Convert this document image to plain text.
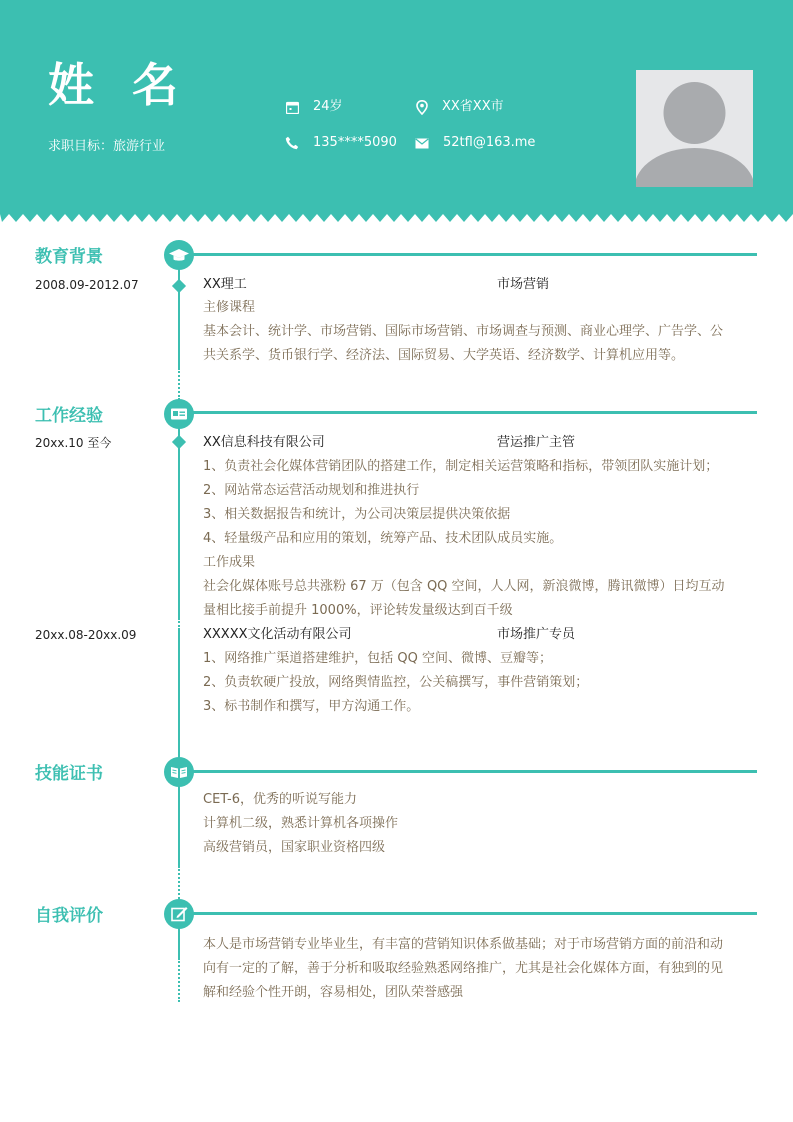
姓名
求职目标：旅游行业
24岁	XX省XX市
135****5090	52tfl@163.me
教育背景
2008.09-2012.07	XX理工	市场营销
主修课程
基本会计、统计学、市场营销、国际市场营销、市场调查与预测、商业心理学、广告学、公
共关系学、货币银行学、经济法、国际贸易、大学英语、经济数学、计算机应用等。
工作经验
20xx.10 至今	XX信息科技有限公司	营运推广主管
1、负责社会化媒体营销团队的搭建工作，制定相关运营策略和指标，带领团队实施计划；
2、网站常态运营活动规划和推进执行
3、相关数据报告和统计，为公司决策层提供决策依据
4、轻量级产品和应用的策划，统筹产品、技术团队成员实施。
工作成果
社会化媒体账号总共涨粉 67 万（包含 QQ 空间，人人网，新浪微博，腾讯微博）日均互动
量相比接手前提升 1000%，评论转发量级达到百千级
20xx.08-20xx.09	XXXXX文化活动有限公司	市场推广专员
1、网络推广渠道搭建维护，包括 QQ 空间、微博、豆瓣等；
2、负责软硬广投放，网络舆情监控，公关稿撰写，事件营销策划；
3、标书制作和撰写，甲方沟通工作。
技能证书
CET-6，优秀的听说写能力
计算机二级，熟悉计算机各项操作
高级营销员，国家职业资格四级
自我评价
本人是市场营销专业毕业生，有丰富的营销知识体系做基础；对于市场营销方面的前沿和动
向有一定的了解，善于分析和吸取经验熟悉网络推广，尤其是社会化媒体方面，有独到的见
解和经验个性开朗，容易相处，团队荣誉感强
